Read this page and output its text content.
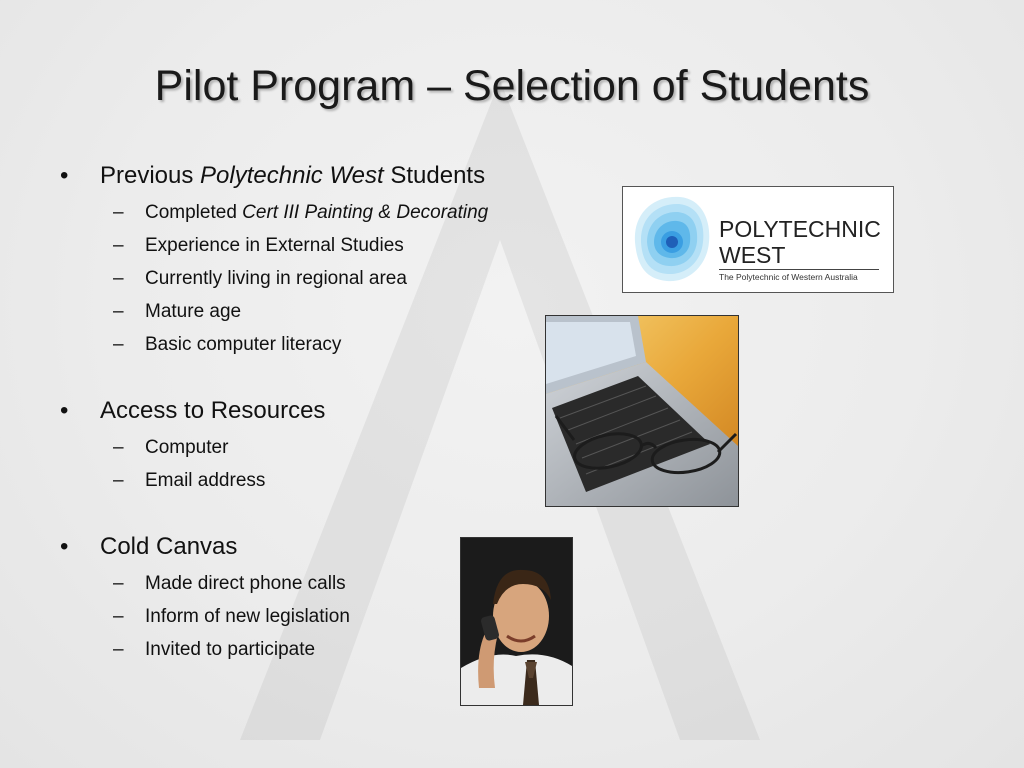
Pilot Program – Selection of Students
• Previous Polytechnic West Students
– Completed Cert III Painting & Decorating
– Experience in External Studies
– Currently living in regional area
– Mature age
– Basic computer literacy
• Access to Resources
– Computer
– Email address
• Cold Canvas
– Made direct phone calls
– Inform of new legislation
– Invited to participate
POLYTECHNIC
WEST
The Polytechnic of Western Australia
